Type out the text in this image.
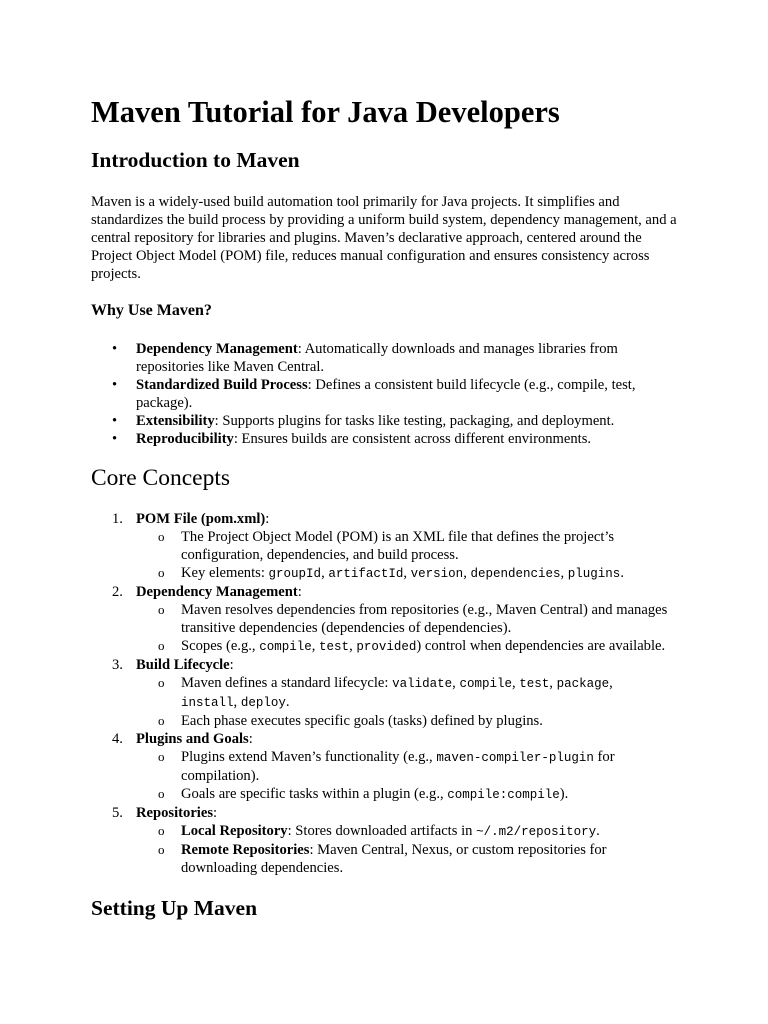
Maven Tutorial for Java Developers
Introduction to Maven

Maven is a widely-used build automation tool primarily for Java projects. It simplifies and standardizes the build process by providing a uniform build system, dependency management, and a central repository for libraries and plugins. Maven’s declarative approach, centered around the Project Object Model (POM) file, reduces manual configuration and ensures consistency across projects.

Why Use Maven?
• Dependency Management: Automatically downloads and manages libraries from repositories like Maven Central.
• Standardized Build Process: Defines a consistent build lifecycle (e.g., compile, test, package).
• Extensibility: Supports plugins for tasks like testing, packaging, and deployment.
• Reproducibility: Ensures builds are consistent across different environments.
Core Concepts
1. POM File (pom.xml):
o The Project Object Model (POM) is an XML file that defines the project’s configuration, dependencies, and build process.
o Key elements: groupId, artifactId, version, dependencies, plugins.
2. Dependency Management:
o Maven resolves dependencies from repositories (e.g., Maven Central) and manages transitive dependencies (dependencies of dependencies).
o Scopes (e.g., compile, test, provided) control when dependencies are available.
3. Build Lifecycle:
o Maven defines a standard lifecycle: validate, compile, test, package, install, deploy.
o Each phase executes specific goals (tasks) defined by plugins.
4. Plugins and Goals:
o Plugins extend Maven’s functionality (e.g., maven-compiler-plugin for compilation).
o Goals are specific tasks within a plugin (e.g., compile:compile).
5. Repositories:
o Local Repository: Stores downloaded artifacts in ~/.m2/repository.
o Remote Repositories: Maven Central, Nexus, or custom repositories for downloading dependencies.
Setting Up Maven
